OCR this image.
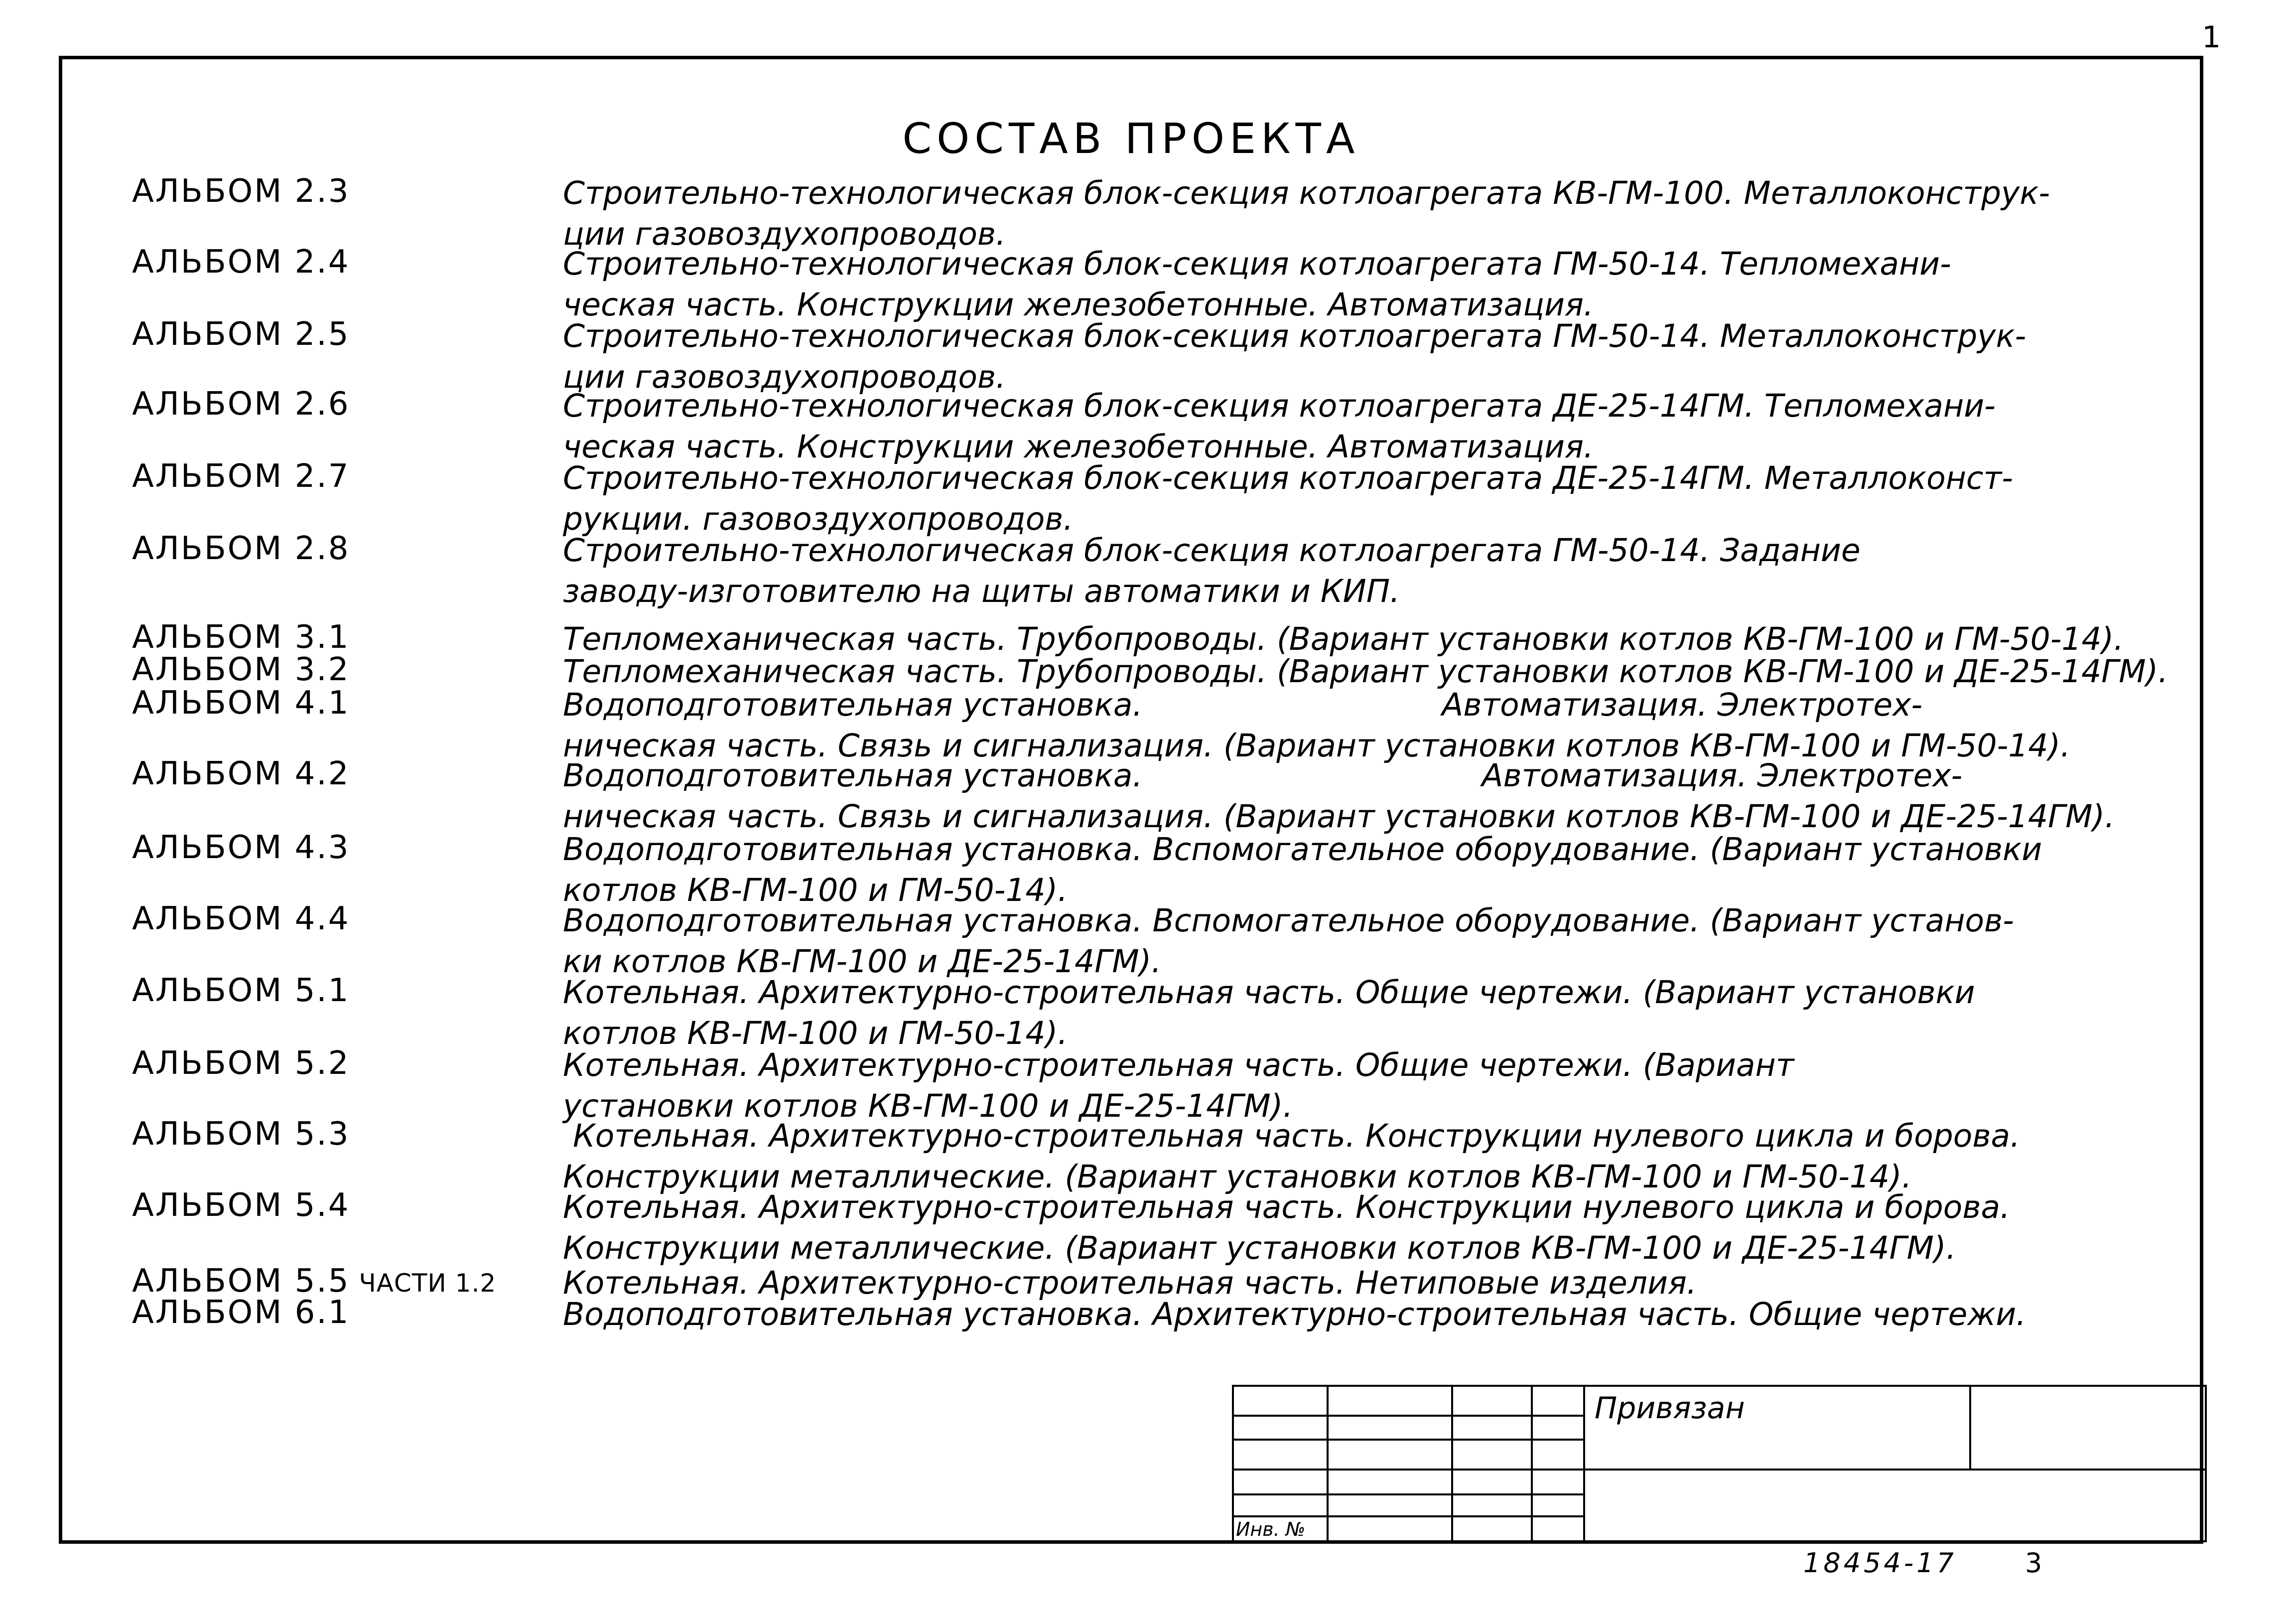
1
СОСТАВ ПРОЕКТА
АЛЬБОМ 2.3	Строительно-технологическая блок-секция котлоагрегата КВ-ГМ-100. Металлоконструк-
ции газовоздухопроводов.
АЛЬБОМ 2.4	Строительно-технологическая блок-секция котлоагрегата ГМ-50-14. Тепломехани-
ческая часть. Конструкции железобетонные. Автоматизация.
АЛЬБОМ 2.5	Строительно-технологическая блок-секция котлоагрегата ГМ-50-14. Металлоконструк-
ции газовоздухопроводов.
АЛЬБОМ 2.6	Строительно-технологическая блок-секция котлоагрегата ДЕ-25-14ГМ. Тепломехани-
ческая часть. Конструкции железобетонные. Автоматизация.
АЛЬБОМ 2.7	Строительно-технологическая блок-секция котлоагрегата ДЕ-25-14ГМ. Металлоконст-
рукции. газовоздухопроводов.
АЛЬБОМ 2.8	Строительно-технологическая блок-секция котлоагрегата ГМ-50-14. Задание
заводу-изготовителю на щиты автоматики и КИП.
АЛЬБОМ 3.1	Тепломеханическая часть. Трубопроводы. (Вариант установки котлов КВ-ГМ-100 и ГМ-50-14).
АЛЬБОМ 3.2	Тепломеханическая часть. Трубопроводы. (Вариант установки котлов КВ-ГМ-100 и ДЕ-25-14ГМ).
АЛЬБОМ 4.1	Водоподготовительная установка.                              Автоматизация. Электротех-
ническая часть. Связь и сигнализация. (Вариант установки котлов КВ-ГМ-100 и ГМ-50-14).
АЛЬБОМ 4.2	Водоподготовительная установка.                                  Автоматизация. Электротех-
ническая часть. Связь и сигнализация. (Вариант установки котлов КВ-ГМ-100 и ДЕ-25-14ГМ).
АЛЬБОМ 4.3	Водоподготовительная установка. Вспомогательное оборудование. (Вариант установки
котлов КВ-ГМ-100 и ГМ-50-14).
АЛЬБОМ 4.4	Водоподготовительная установка. Вспомогательное оборудование. (Вариант установ-
ки котлов КВ-ГМ-100 и ДЕ-25-14ГМ).
АЛЬБОМ 5.1	Котельная. Архитектурно-строительная часть. Общие чертежи. (Вариант установки
котлов КВ-ГМ-100 и ГМ-50-14).
АЛЬБОМ 5.2	Котельная. Архитектурно-строительная часть. Общие чертежи. (Вариант
установки котлов КВ-ГМ-100 и ДЕ-25-14ГМ).
АЛЬБОМ 5.3	Котельная. Архитектурно-строительная часть. Конструкции нулевого цикла и борова.
Конструкции металлические. (Вариант установки котлов КВ-ГМ-100 и ГМ-50-14).
АЛЬБОМ 5.4	Котельная. Архитектурно-строительная часть. Конструкции нулевого цикла и борова.
Конструкции металлические. (Вариант установки котлов КВ-ГМ-100 и ДЕ-25-14ГМ).
АЛЬБОМ 5.5 ЧАСТИ 1.2 Котельная. Архитектурно-строительная часть. Нетиповые изделия.
АЛЬБОМ 6.1	Водоподготовительная установка. Архитектурно-строительная часть. Общие чертежи.
Привязан
Инв. №
18454-17	3
